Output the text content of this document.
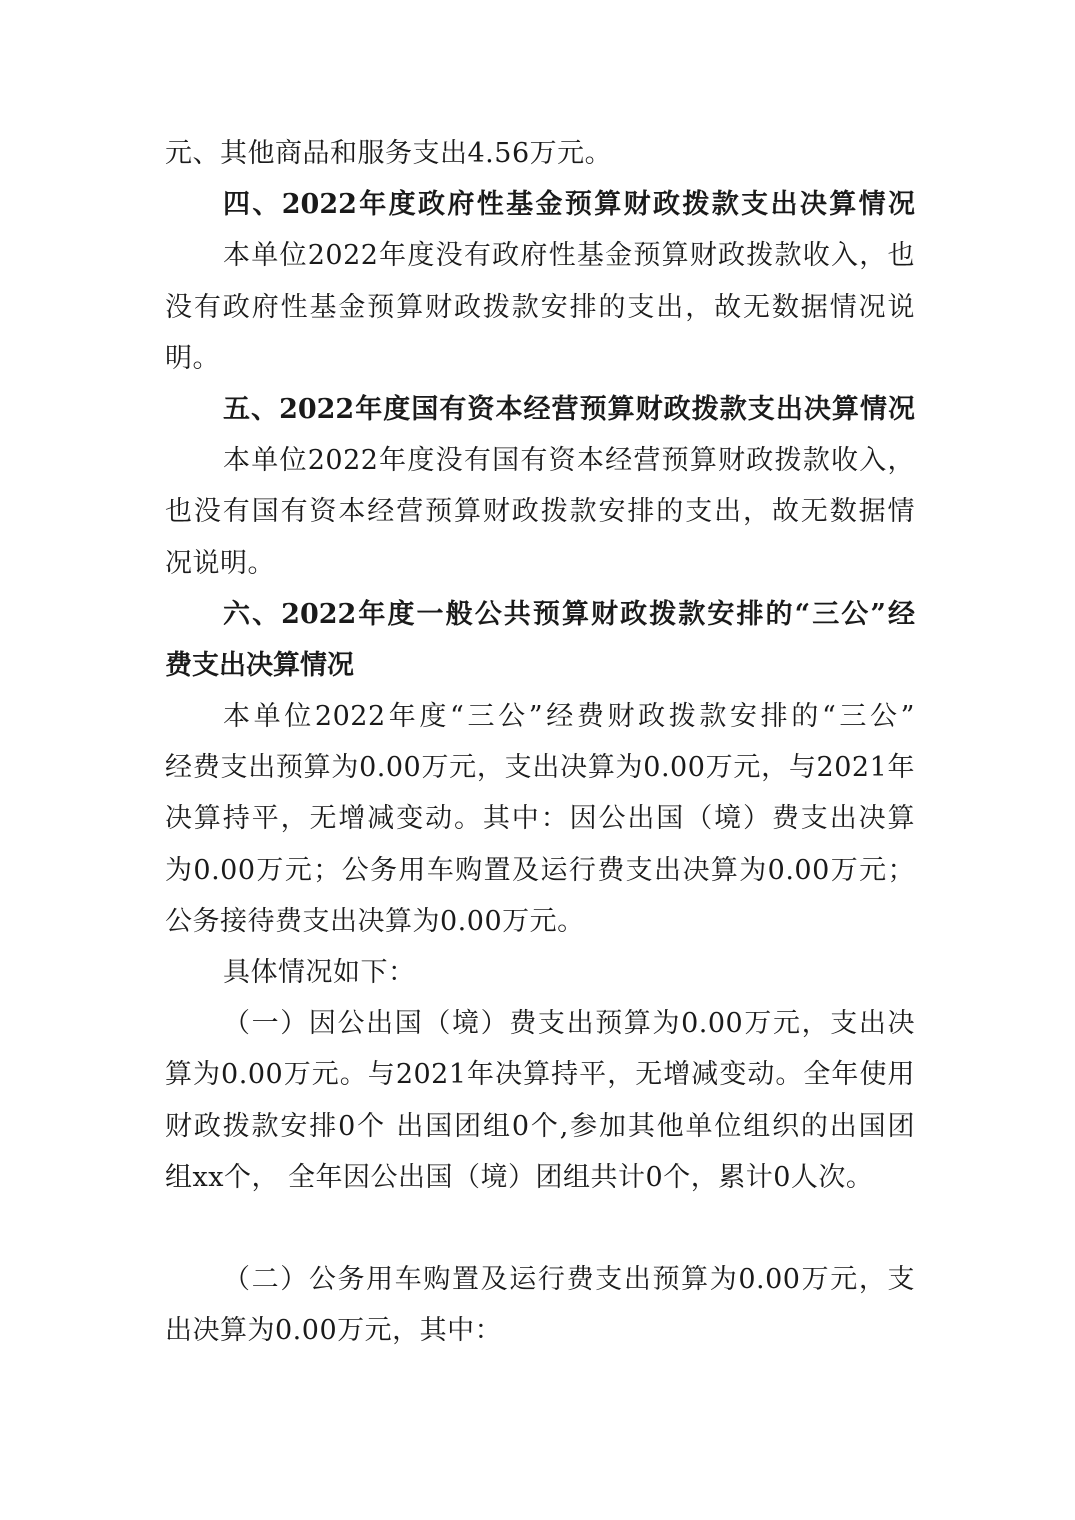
元、其他商品和服务支出4.56万元。
四、2022年度政府性基金预算财政拨款支出决算情况
本单位2022年度没有政府性基金预算财政拨款收入，也
没有政府性基金预算财政拨款安排的支出，故无数据情况说
明。
五、2022年度国有资本经营预算财政拨款支出决算情况
本单位2022年度没有国有资本经营预算财政拨款收入，
也没有国有资本经营预算财政拨款安排的支出，故无数据情
况说明。
六、2022年度一般公共预算财政拨款安排的“三公”经
费支出决算情况
本单位2022年度“三公”经费财政拨款安排的“三公”
经费支出预算为0.00万元，支出决算为0.00万元，与2021年
决算持平，无增减变动。其中：因公出国（境）费支出决算
为0.00万元；公务用车购置及运行费支出决算为0.00万元；
公务接待费支出决算为0.00万元。
具体情况如下：
（一）因公出国（境）费支出预算为0.00万元，支出决
算为0.00万元。与2021年决算持平，无增减变动。全年使用
财政拨款安排0个 出国团组0个,参加其他单位组织的出国团
组xx个， 全年因公出国（境）团组共计0个，累计0人次。
（二）公务用车购置及运行费支出预算为0.00万元，支
出决算为0.00万元，其中：
